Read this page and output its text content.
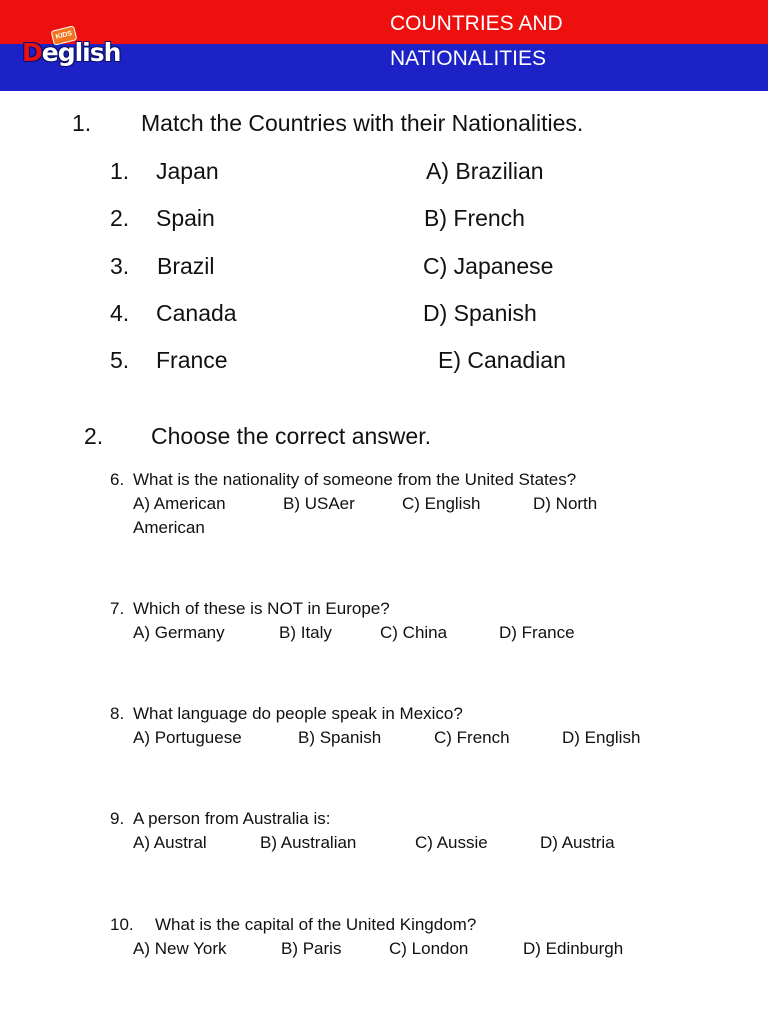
KIDS
Deglish
COUNTRIES AND
NATIONALITIES
1. Match the Countries with their Nationalities.
1. Japan	A) Brazilian
2. Spain	B) French
3. Brazil	C) Japanese
4. Canada	D) Spanish
5. France	E) Canadian
2. Choose the correct answer.
6. What is the nationality of someone from the United States?
A) American	B) USAer	C) English	D) North
American
7. Which of these is NOT in Europe?
A) Germany	B) Italy	C) China	D) France
8. What language do people speak in Mexico?
A) Portuguese	B) Spanish	C) French	D) English
9. A person from Australia is:
A) Austral	B) Australian	C) Aussie	D) Austria
10. What is the capital of the United Kingdom?
A) New York	B) Paris	C) London	D) Edinburgh
